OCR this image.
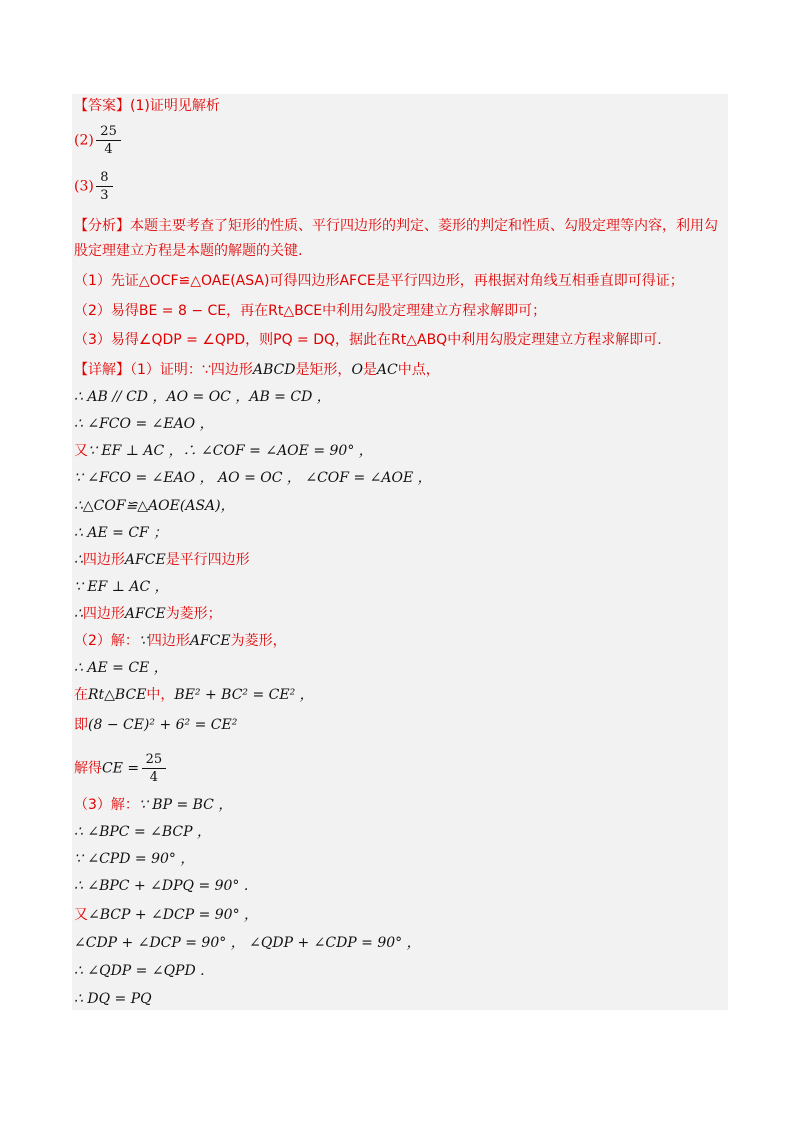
【答案】(1)证明见解析
$(2) \frac{25}{4}$
$(3) \frac{8}{3}$
【分析】本题主要考查了矩形的性质、平行四边形的判定、菱形的判定和性质、勾股定理等内容，利用勾股定理建立方程是本题的解题的关键.
（1）先证△OCF≌△OAE(ASA)可得四边形AFCE是平行四边形，再根据对角线互相垂直即可得证；
（2）易得BE = 8 − CE，再在Rt△BCE中利用勾股定理建立方程求解即可；
（3）易得∠QDP = ∠QPD，则PQ = DQ，据此在Rt△ABQ中利用勾股定理建立方程求解即可.
【详解】（1）证明：∵四边形ABCD是矩形，O是AC中点，
∴ AB // CD ，AO = OC ，AB = CD ，
∴ ∠FCO = ∠EAO ，
又∵ EF ⊥ AC ，∴ ∠COF = ∠AOE = 90° ，
∵ ∠FCO = ∠EAO ， AO = OC ， ∠COF = ∠AOE ，
∴△COF≌△AOE(ASA)，
∴ AE = CF ；
∴四边形AFCE是平行四边形
∵ EF ⊥ AC ，
∴四边形AFCE为菱形；
（2）解：∵四边形AFCE为菱形，
∴ AE = CE ，
在Rt△BCE中，BE² + BC² = CE² ，
即(8 − CE)² + 6² = CE²
解得CE = $\frac{25}{4}$
（3）解：∵ BP = BC ，
∴ ∠BPC = ∠BCP ，
∵ ∠CPD = 90° ，
∴ ∠BPC + ∠DPQ = 90° .
又∠BCP + ∠DCP = 90° ，
∠CDP + ∠DCP = 90° ， ∠QDP + ∠CDP = 90° ，
∴ ∠QDP = ∠QPD .
∴ DQ = PQ
